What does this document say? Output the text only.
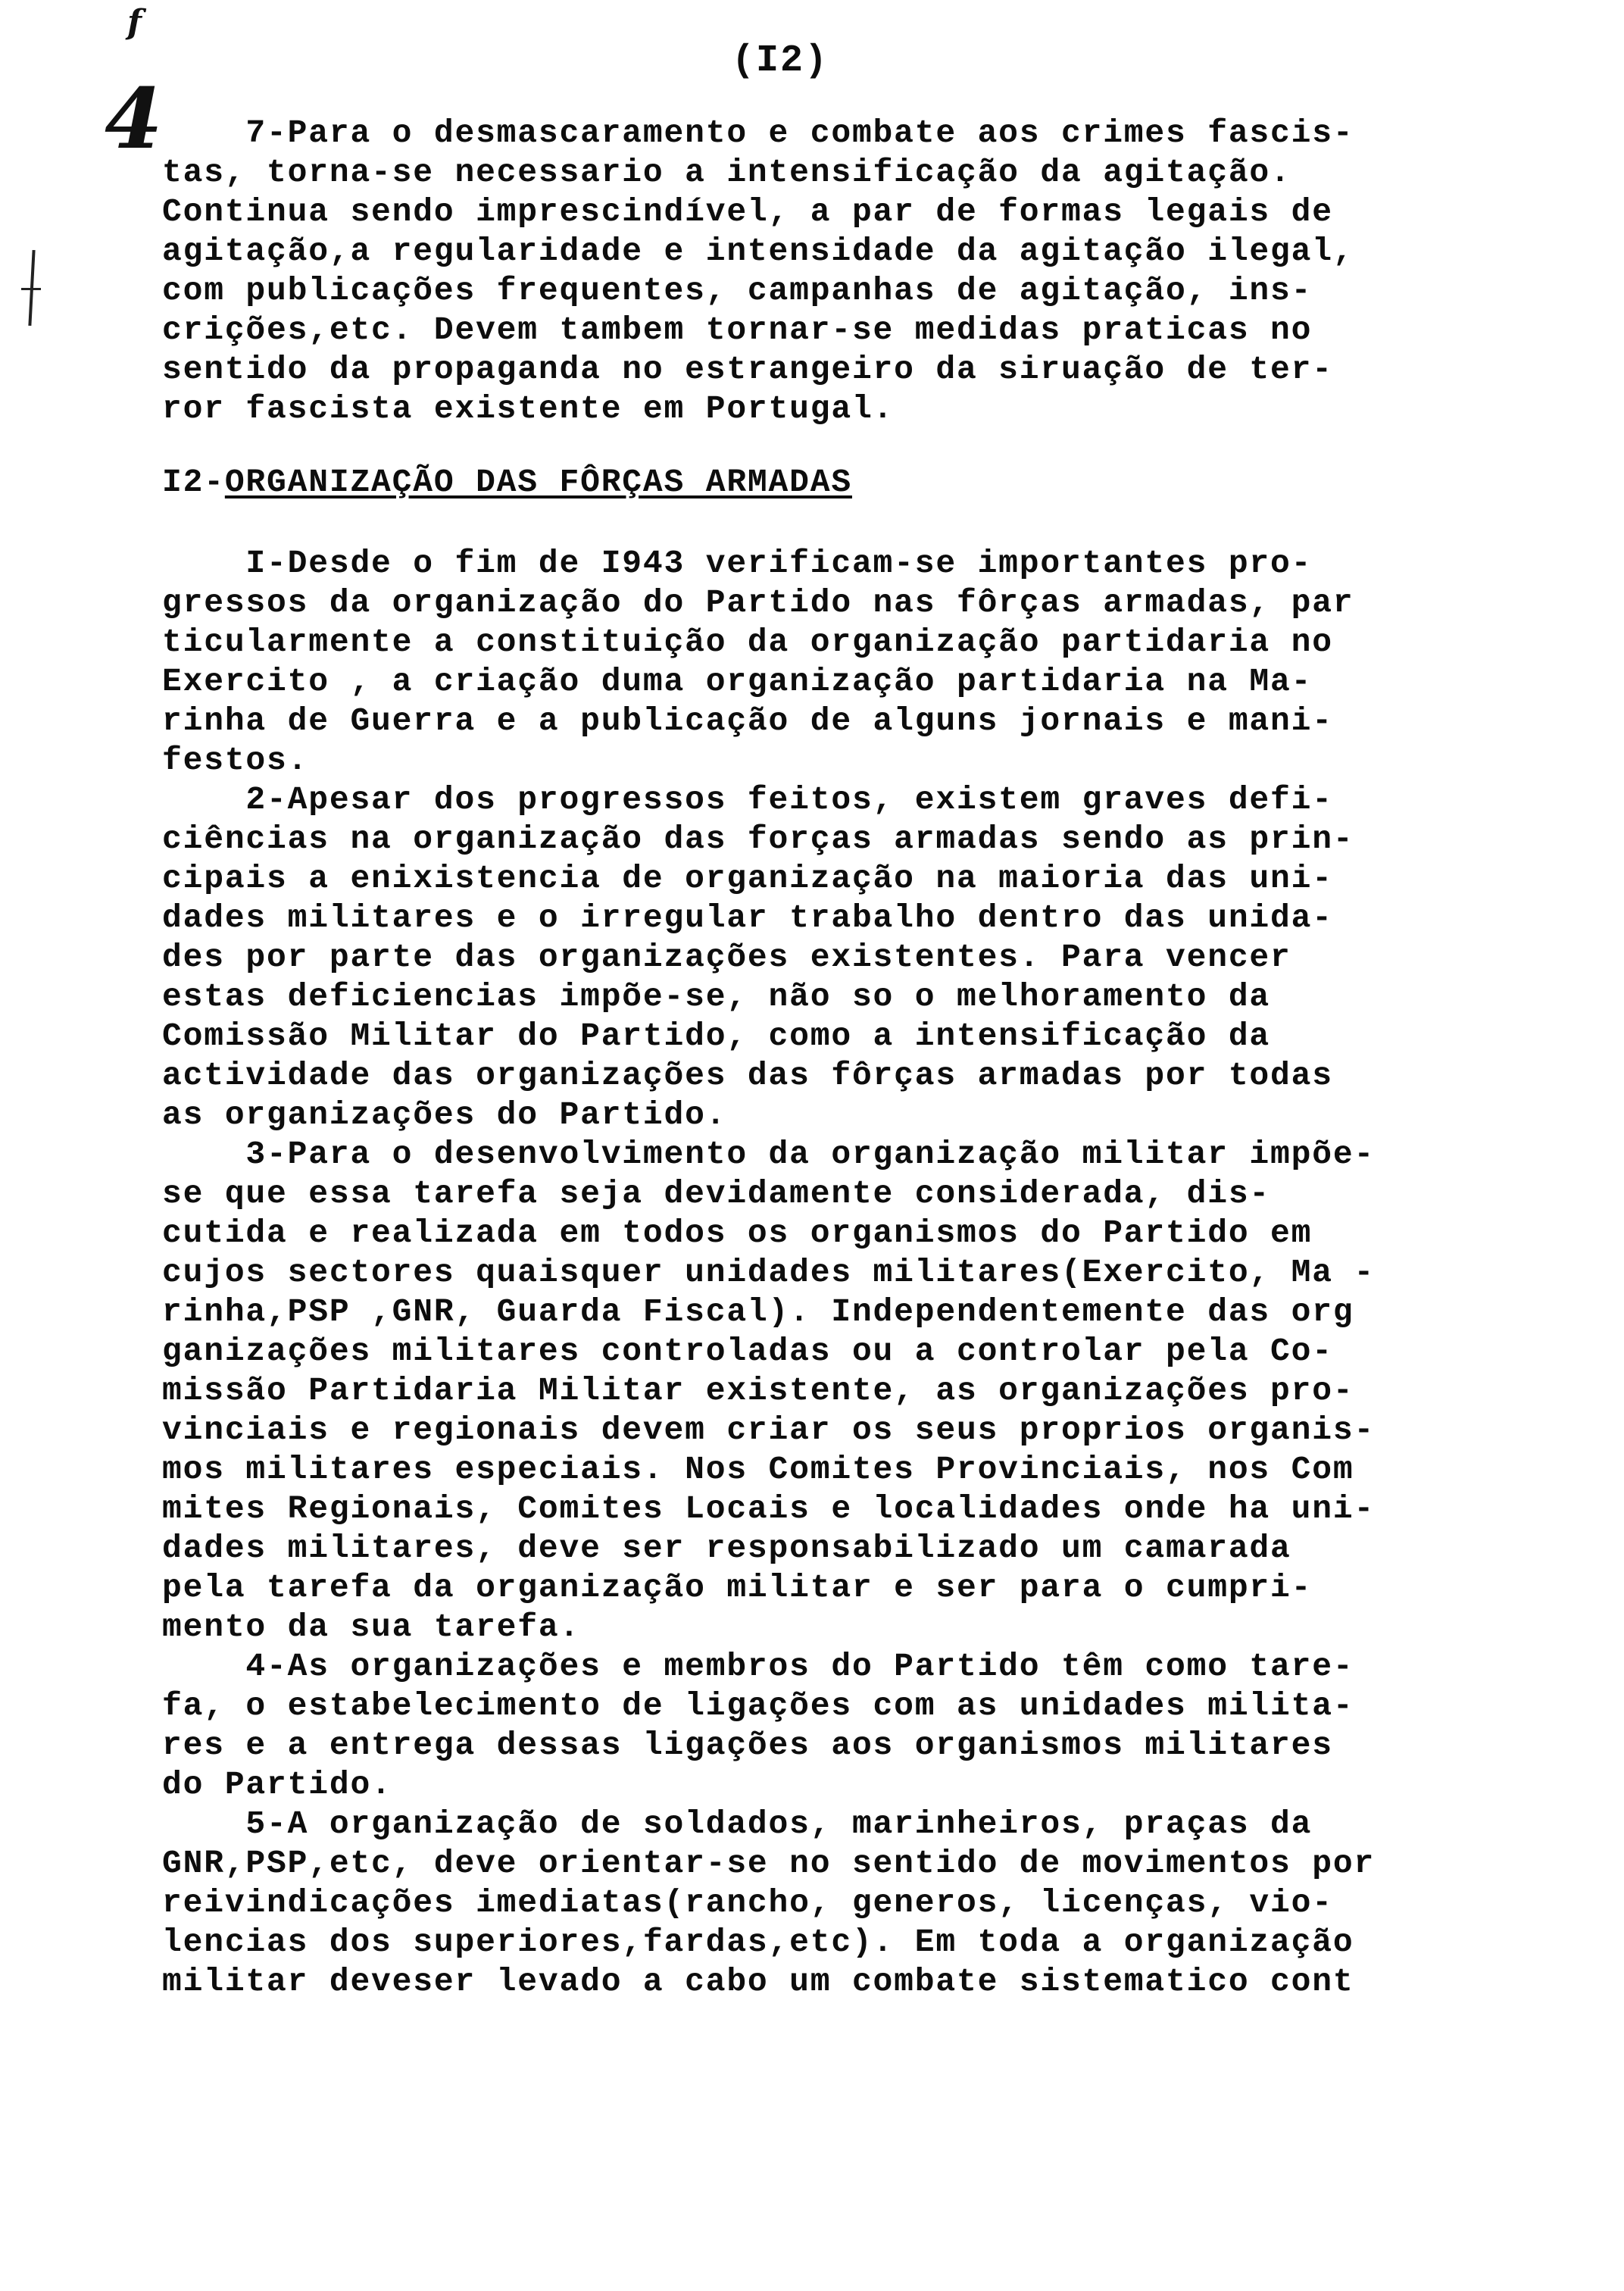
f
4
(I2)
7-Para o desmascaramento e combate aos crimes fascis-
tas, torna-se necessario a intensificação da agitação.
Continua sendo imprescindível, a par de formas legais de
agitação,a regularidade e intensidade da agitação ilegal,
com publicações frequentes, campanhas de agitação, ins-
crições,etc. Devem tambem tornar-se medidas praticas no
sentido da propaganda no estrangeiro da siruação de ter-
ror fascista existente em Portugal.
I2-ORGANIZAÇÃO DAS FÔRÇAS ARMADAS
I-Desde o fim de I943 verificam-se importantes pro-
gressos da organização do Partido nas fôrças armadas, par
ticularmente a constituição da organização partidaria no
Exercito , a criação duma organização partidaria na Ma-
rinha de Guerra e a publicação de alguns jornais e mani-
festos.
2-Apesar dos progressos feitos, existem graves defi-
ciências na organização das forças armadas sendo as prin-
cipais a enixistencia de organização na maioria das uni-
dades militares e o irregular trabalho dentro das unida-
des por parte das organizações existentes. Para vencer
estas deficiencias impõe-se, não so o melhoramento da
Comissão Militar do Partido, como a intensificação da
actividade das organizações das fôrças armadas por todas
as organizações do Partido.
3-Para o desenvolvimento da organização militar impõe-
se que essa tarefa seja devidamente considerada, dis-
cutida e realizada em todos os organismos do Partido em
cujos sectores quaisquer unidades militares(Exercito, Ma -
rinha,PSP ,GNR, Guarda Fiscal). Independentemente das org
ganizações militares controladas ou a controlar pela Co-
missão Partidaria Militar existente, as organizações pro-
vinciais e regionais devem criar os seus proprios organis-
mos militares especiais. Nos Comites Provinciais, nos Com
mites Regionais, Comites Locais e localidades onde ha uni-
dades militares, deve ser responsabilizado um camarada
pela tarefa da organização militar e ser para o cumpri-
mento da sua tarefa.
4-As organizações e membros do Partido têm como tare-
fa, o estabelecimento de ligações com as unidades milita-
res e a entrega dessas ligações aos organismos militares
do Partido.
5-A organização de soldados, marinheiros, praças da
GNR,PSP,etc, deve orientar-se no sentido de movimentos por
reivindicações imediatas(rancho, generos, licenças, vio-
lencias dos superiores,fardas,etc). Em toda a organização
militar deveser levado a cabo um combate sistematico cont
